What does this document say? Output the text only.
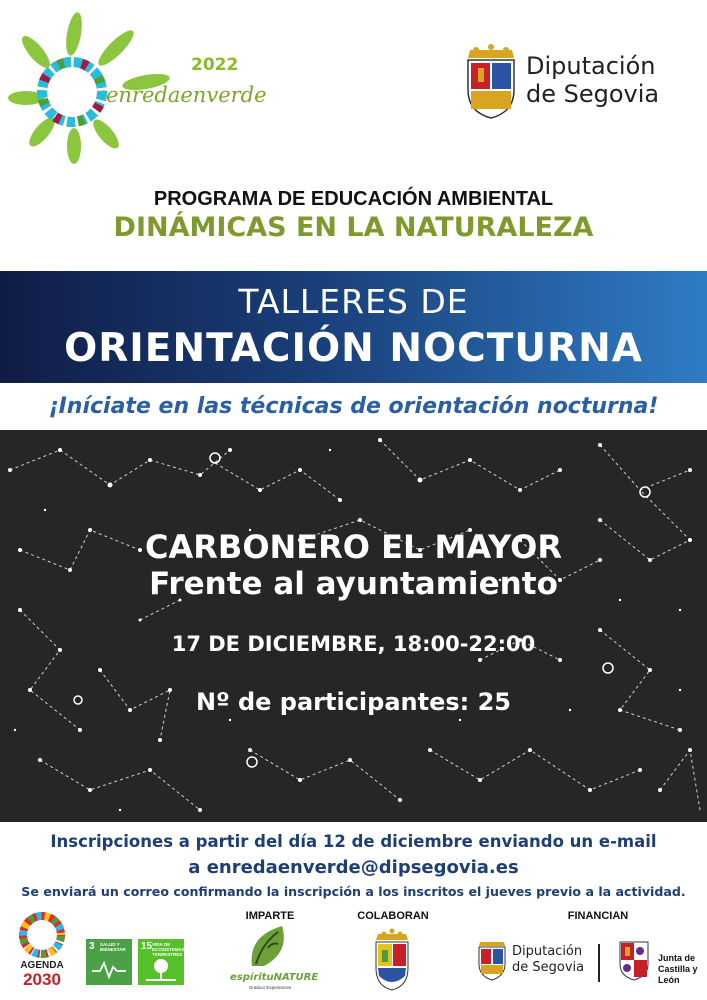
2022
enredaenverde
Diputación
de Segovia
PROGRAMA DE EDUCACIÓN AMBIENTAL
DINÁMICAS EN LA NATURALEZA
TALLERES DE
ORIENTACIÓN NOCTURNA
¡Iníciate en las técnicas de orientación nocturna!
CARBONERO EL MAYOR
Frente al ayuntamiento
17 DE DICIEMBRE, 18:00-22:00
Nº de participantes: 25
Inscripciones a partir del día 12 de diciembre enviando un e-mail
a enredaenverde@dipsegovia.es
Se enviará un correo confirmando la inscripción a los inscritos el jueves previo a la actividad.
AGENDA
2030
3 SALUD Y BIENESTAR	15 VIDA DE ECOSISTEMAS TERRESTRES
IMPARTE
espírituNATURE
Outdoor Experiences
COLABORAN	FINANCIAN
Diputación
de Segovia
Junta de
Castilla y León
